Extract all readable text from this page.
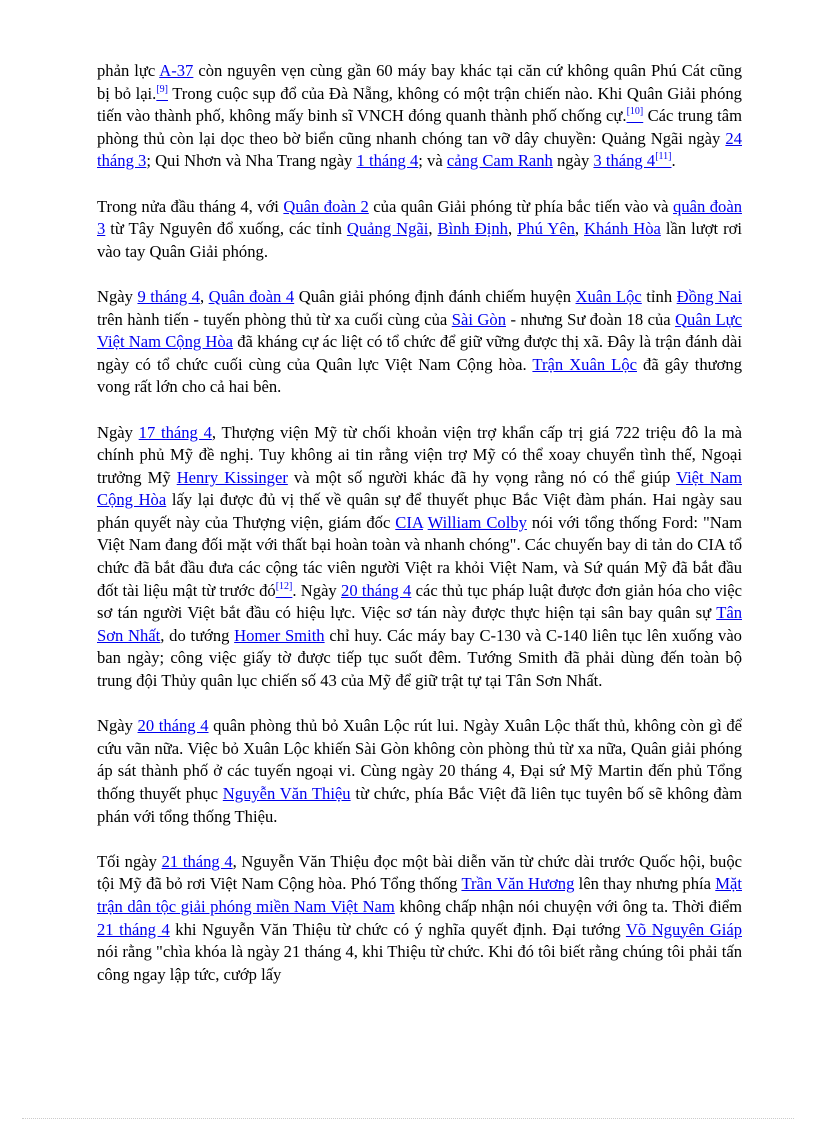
phản lực A-37 còn nguyên vẹn cùng gần 60 máy bay khác tại căn cứ không quân Phú Cát cũng bị bỏ lại.[9] Trong cuộc sụp đổ của Đà Nẵng, không có một trận chiến nào. Khi Quân Giải phóng tiến vào thành phố, không mấy binh sĩ VNCH đóng quanh thành phố chống cự.[10] Các trung tâm phòng thủ còn lại dọc theo bờ biển cũng nhanh chóng tan vỡ dây chuyền: Quảng Ngãi ngày 24 tháng 3; Qui Nhơn và Nha Trang ngày 1 tháng 4; và cảng Cam Ranh ngày 3 tháng 4[11].

Trong nửa đầu tháng 4, với Quân đoàn 2 của quân Giải phóng từ phía bắc tiến vào và quân đoàn 3 từ Tây Nguyên đổ xuống, các tỉnh Quảng Ngãi, Bình Định, Phú Yên, Khánh Hòa lần lượt rơi vào tay Quân Giải phóng.

Ngày 9 tháng 4, Quân đoàn 4 Quân giải phóng định đánh chiếm huyện Xuân Lộc tỉnh Đồng Nai trên hành tiến - tuyến phòng thủ từ xa cuối cùng của Sài Gòn - nhưng Sư đoàn 18 của Quân Lực Việt Nam Cộng Hòa đã kháng cự ác liệt có tổ chức để giữ vững được thị xã. Đây là trận đánh dài ngày có tổ chức cuối cùng của Quân lực Việt Nam Cộng hòa. Trận Xuân Lộc đã gây thương vong rất lớn cho cả hai bên.

Ngày 17 tháng 4, Thượng viện Mỹ từ chối khoản viện trợ khẩn cấp trị giá 722 triệu đô la mà chính phủ Mỹ đề nghị. Tuy không ai tin rằng viện trợ Mỹ có thể xoay chuyển tình thế, Ngoại trưởng Mỹ Henry Kissinger và một số người khác đã hy vọng rằng nó có thể giúp Việt Nam Cộng Hòa lấy lại được đủ vị thế về quân sự để thuyết phục Bắc Việt đàm phán. Hai ngày sau phán quyết này của Thượng viện, giám đốc CIA William Colby nói với tổng thống Ford: "Nam Việt Nam đang đối mặt với thất bại hoàn toàn và nhanh chóng". Các chuyến bay di tản do CIA tổ chức đã bắt đầu đưa các cộng tác viên người Việt ra khỏi Việt Nam, và Sứ quán Mỹ đã bắt đầu đốt tài liệu mật từ trước đó[12]. Ngày 20 tháng 4 các thủ tục pháp luật được đơn giản hóa cho việc sơ tán người Việt bắt đầu có hiệu lực. Việc sơ tán này được thực hiện tại sân bay quân sự Tân Sơn Nhất, do tướng Homer Smith chỉ huy. Các máy bay C-130 và C-140 liên tục lên xuống vào ban ngày; công việc giấy tờ được tiếp tục suốt đêm. Tướng Smith đã phải dùng đến toàn bộ trung đội Thủy quân lục chiến số 43 của Mỹ để giữ trật tự tại Tân Sơn Nhất.

Ngày 20 tháng 4 quân phòng thủ bỏ Xuân Lộc rút lui. Ngày Xuân Lộc thất thủ, không còn gì để cứu vãn nữa. Việc bỏ Xuân Lộc khiến Sài Gòn không còn phòng thủ từ xa nữa, Quân giải phóng áp sát thành phố ở các tuyến ngoại vi. Cùng ngày 20 tháng 4, Đại sứ Mỹ Martin đến phủ Tổng thống thuyết phục Nguyễn Văn Thiệu từ chức, phía Bắc Việt đã liên tục tuyên bố sẽ không đàm phán với tổng thống Thiệu.

Tối ngày 21 tháng 4, Nguyễn Văn Thiệu đọc một bài diễn văn từ chức dài trước Quốc hội, buộc tội Mỹ đã bỏ rơi Việt Nam Cộng hòa. Phó Tổng thống Trần Văn Hương lên thay nhưng phía Mặt trận dân tộc giải phóng miền Nam Việt Nam không chấp nhận nói chuyện với ông ta. Thời điểm 21 tháng 4 khi Nguyễn Văn Thiệu từ chức có ý nghĩa quyết định. Đại tướng Võ Nguyên Giáp nói rằng "chìa khóa là ngày 21 tháng 4, khi Thiệu từ chức. Khi đó tôi biết rằng chúng tôi phải tấn công ngay lập tức, cướp lấy
